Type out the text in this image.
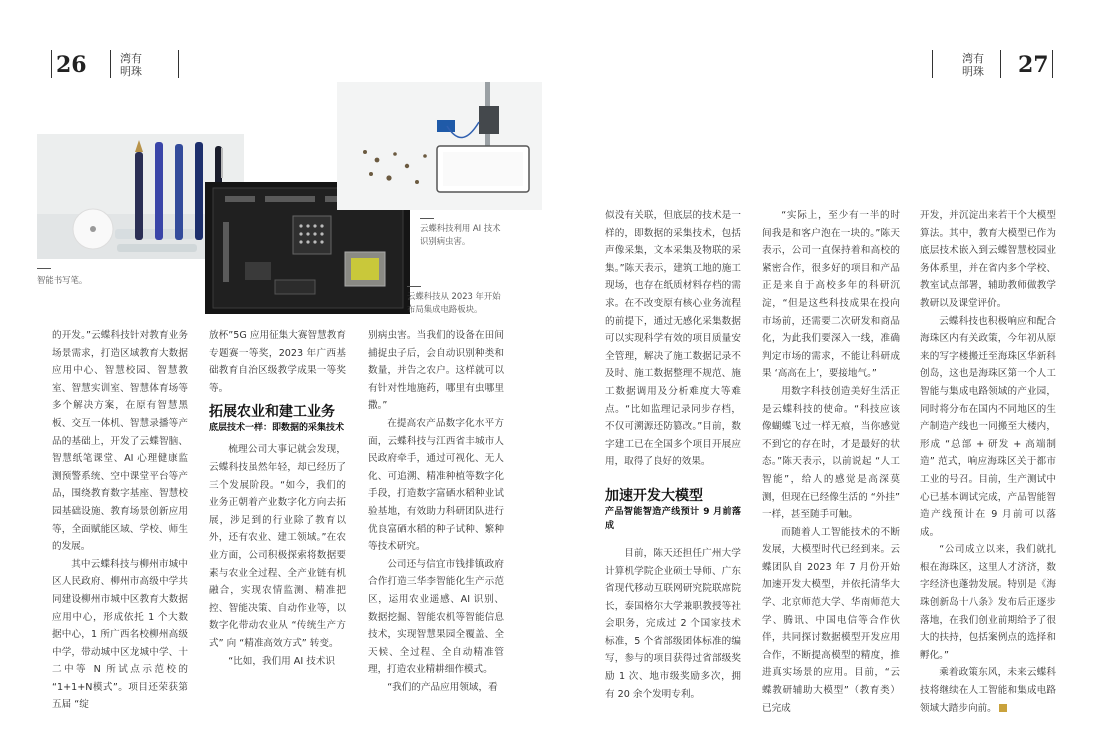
26	湾有
明珠
湾有
明珠 27
智能书写笔。
云蝶科技从 2023 年开始布局集成电路板块。
云蝶科技利用 AI 技术识别病虫害。

的开发。”云蝶科技针对教育业务场景需求，打造区域教育大数据应用中心、智慧校园、智慧教室、智慧实训室、智慧体育场等多个解决方案，在原有智慧黑板、交互一体机、智慧录播等产品的基础上，开发了云蝶智脑、智慧纸笔课堂、AI 心理健康监测预警系统、空中课堂平台等产品，围绕教育数字基座、智慧校园基础设施、教育场景创新应用等，全面赋能区域、学校、师生的发展。

其中云蝶科技与柳州市城中区人民政府、柳州市高级中学共同建设柳州市城中区教育大数据应用中心，形成依托 1 个大数据中心，1 所广西名校柳州高级中学，带动城中区龙城中学、十二中等 N 所试点示范校的 “1+1+N模式”。项目还荣获第五届 “绽

放杯”5G 应用征集大赛智慧教育专题赛一等奖，2023 年广西基础教育自治区级教学成果一等奖等。

拓展农业和建工业务
底层技术一样：即数据的采集技术

梳理公司大事记就会发现，云蝶科技虽然年轻，却已经历了三个发展阶段。“如今，我们的业务正朝着产业数字化方向去拓展，涉足到的行业除了教育以外，还有农业、建工领域。”在农业方面，公司积极探索将数据要素与农业全过程、全产业链有机融合，实现农情监测、精准把控、智能决策、自动作业等，以数字化带动农业从 “传统生产方式” 向 “精准高效方式” 转变。

“比如，我们用 AI 技术识

别病虫害。当我们的设备在田间捕捉虫子后，会自动识别种类和数量，并告之农户。这样就可以有针对性地施药，哪里有虫哪里撒。”

在提高农产品数字化水平方面，云蝶科技与江西省丰城市人民政府牵手，通过可视化、无人化、可追溯、精准种植等数字化手段，打造数字富硒水稻种业试验基地，有效助力科研团队进行优良富硒水稻的种子试种、繁种等技术研究。

公司还与信宜市钱排镇政府合作打造三华李智能化生产示范区，运用农业遥感、AI 识别、数据挖掘、智能农机等智能信息技术，实现智慧果园全覆盖、全天候、全过程、全自动精准管理，打造农业精耕细作模式。

“我们的产品应用领域，看

似没有关联，但底层的技术是一样的，即数据的采集技术，包括声像采集，文本采集及物联的采集。”陈天表示，建筑工地的施工现场，也存在纸质材料存档的需求。在不改变原有核心业务流程的前提下，通过无感化采集数据可以实现科学有效的项目质量安全管理，解决了施工数据记录不及时、施工数据整理不规范、施工数据调用及分析难度大等难点。“比如监理记录同步存档，不仅可溯源还防篡改。”目前，数字建工已在全国多个项目开展应用，取得了良好的效果。

加速开发大模型
产品智能智造产线预计 9 月前落成

目前，陈天还担任广州大学计算机学院企业硕士导师、广东省现代移动互联网研究院联席院长，泰国格尔大学兼职教授等社会职务，完成过 2 个国家技术标准，5 个省部级团体标准的编写，参与的项目获得过省部级奖励 1 次、地市级奖励多次，拥有 20 余个发明专利。

“实际上，至少有一半的时间我是和客户泡在一块的。”陈天表示，公司一直保持着和高校的紧密合作，很多好的项目和产品正是来自于高校多年的科研沉淀，“但是这些科技成果在投向市场前，还需要二次研发和商品化，为此我们要深入一线，准确判定市场的需求，不能让科研成果 ‘高高在上’，要接地气。”

用数字科技创造美好生活正是云蝶科技的使命。“科技应该像蝴蝶飞过一样无痕，当你感觉不到它的存在时，才是最好的状态。”陈天表示，以前说起 “人工智能”，给人的感觉是高深莫测，但现在已经像生活的 “外挂” 一样，甚至随手可触。

而随着人工智能技术的不断发展，大模型时代已经到来。云蝶团队自 2023 年 7 月份开始加速开发大模型，并依托清华大学、北京师范大学、华南师范大学、腾讯、中国电信等合作伙伴，共同探讨数据模型开发应用合作，不断提高模型的精度，推进真实场景的应用。目前，“云蝶教研辅助大模型”（教育类）已完成

开发，并沉淀出来若干个大模型算法。其中，教育大模型已作为底层技术嵌入到云蝶智慧校园业务体系里，并在省内多个学校、教室试点部署，辅助教师做教学教研以及课堂评价。

云蝶科技也积极响应和配合海珠区内有关政策，今年初从原来的写字楼搬迁至海珠区华新科创岛，这也是海珠区第一个人工智能与集成电路领域的产业园，同时将分布在国内不同地区的生产制造产线也一同搬至大楼内，形成 “总部 + 研发 + 高端制造” 范式，响应海珠区关于都市工业的号召。目前，生产测试中心已基本调试完成，产品智能智造产线预计在 9 月前可以落成。

“公司成立以来，我们就扎根在海珠区，这里人才济济，数字经济也蓬勃发展。特别是《海珠创新岛十八条》发布后正逐步落地，在我们创业前期给予了很大的扶持，包括案例点的选择和孵化。”

乘着政策东风，未来云蝶科技将继续在人工智能和集成电路领域大踏步向前。
